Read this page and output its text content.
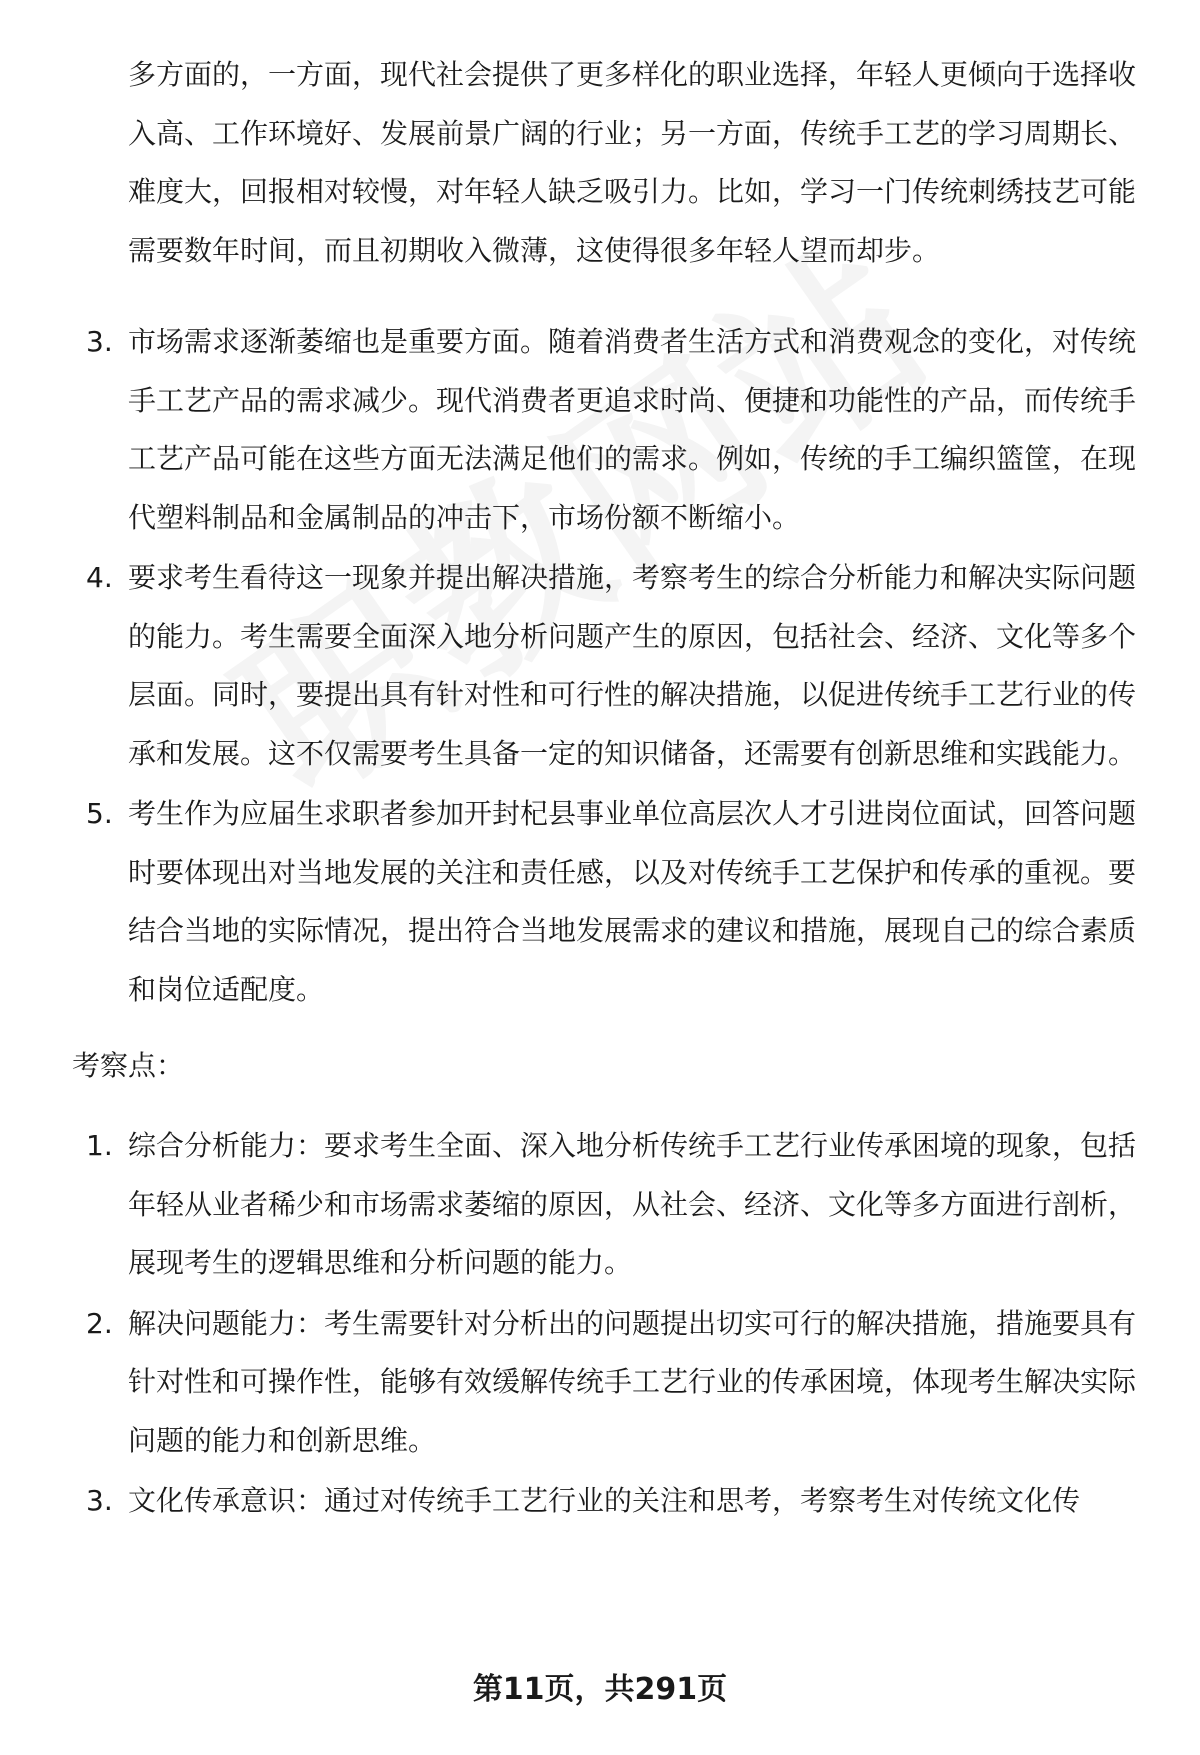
多方面的，一方面，现代社会提供了更多样化的职业选择，年轻人更倾向于选择收入高、工作环境好、发展前景广阔的行业；另一方面，传统手工艺的学习周期长、难度大，回报相对较慢，对年轻人缺乏吸引力。比如，学习一门传统刺绣技艺可能需要数年时间，而且初期收入微薄，这使得很多年轻人望而却步。

3. 市场需求逐渐萎缩也是重要方面。随着消费者生活方式和消费观念的变化，对传统手工艺产品的需求减少。现代消费者更追求时尚、便捷和功能性的产品，而传统手工艺产品可能在这些方面无法满足他们的需求。例如，传统的手工编织篮筐，在现代塑料制品和金属制品的冲击下，市场份额不断缩小。
4. 要求考生看待这一现象并提出解决措施，考察考生的综合分析能力和解决实际问题的能力。考生需要全面深入地分析问题产生的原因，包括社会、经济、文化等多个层面。同时，要提出具有针对性和可行性的解决措施，以促进传统手工艺行业的传承和发展。这不仅需要考生具备一定的知识储备，还需要有创新思维和实践能力。
5. 考生作为应届生求职者参加开封杞县事业单位高层次人才引进岗位面试，回答问题时要体现出对当地发展的关注和责任感，以及对传统手工艺保护和传承的重视。要结合当地的实际情况，提出符合当地发展需求的建议和措施，展现自己的综合素质和岗位适配度。

考察点：

1. 综合分析能力：要求考生全面、深入地分析传统手工艺行业传承困境的现象，包括年轻从业者稀少和市场需求萎缩的原因，从社会、经济、文化等多方面进行剖析，展现考生的逻辑思维和分析问题的能力。
2. 解决问题能力：考生需要针对分析出的问题提出切实可行的解决措施，措施要具有针对性和可操作性，能够有效缓解传统手工艺行业的传承困境，体现考生解决实际问题的能力和创新思维。
3. 文化传承意识：通过对传统手工艺行业的关注和思考，考察考生对传统文化传
第11页，共291页
